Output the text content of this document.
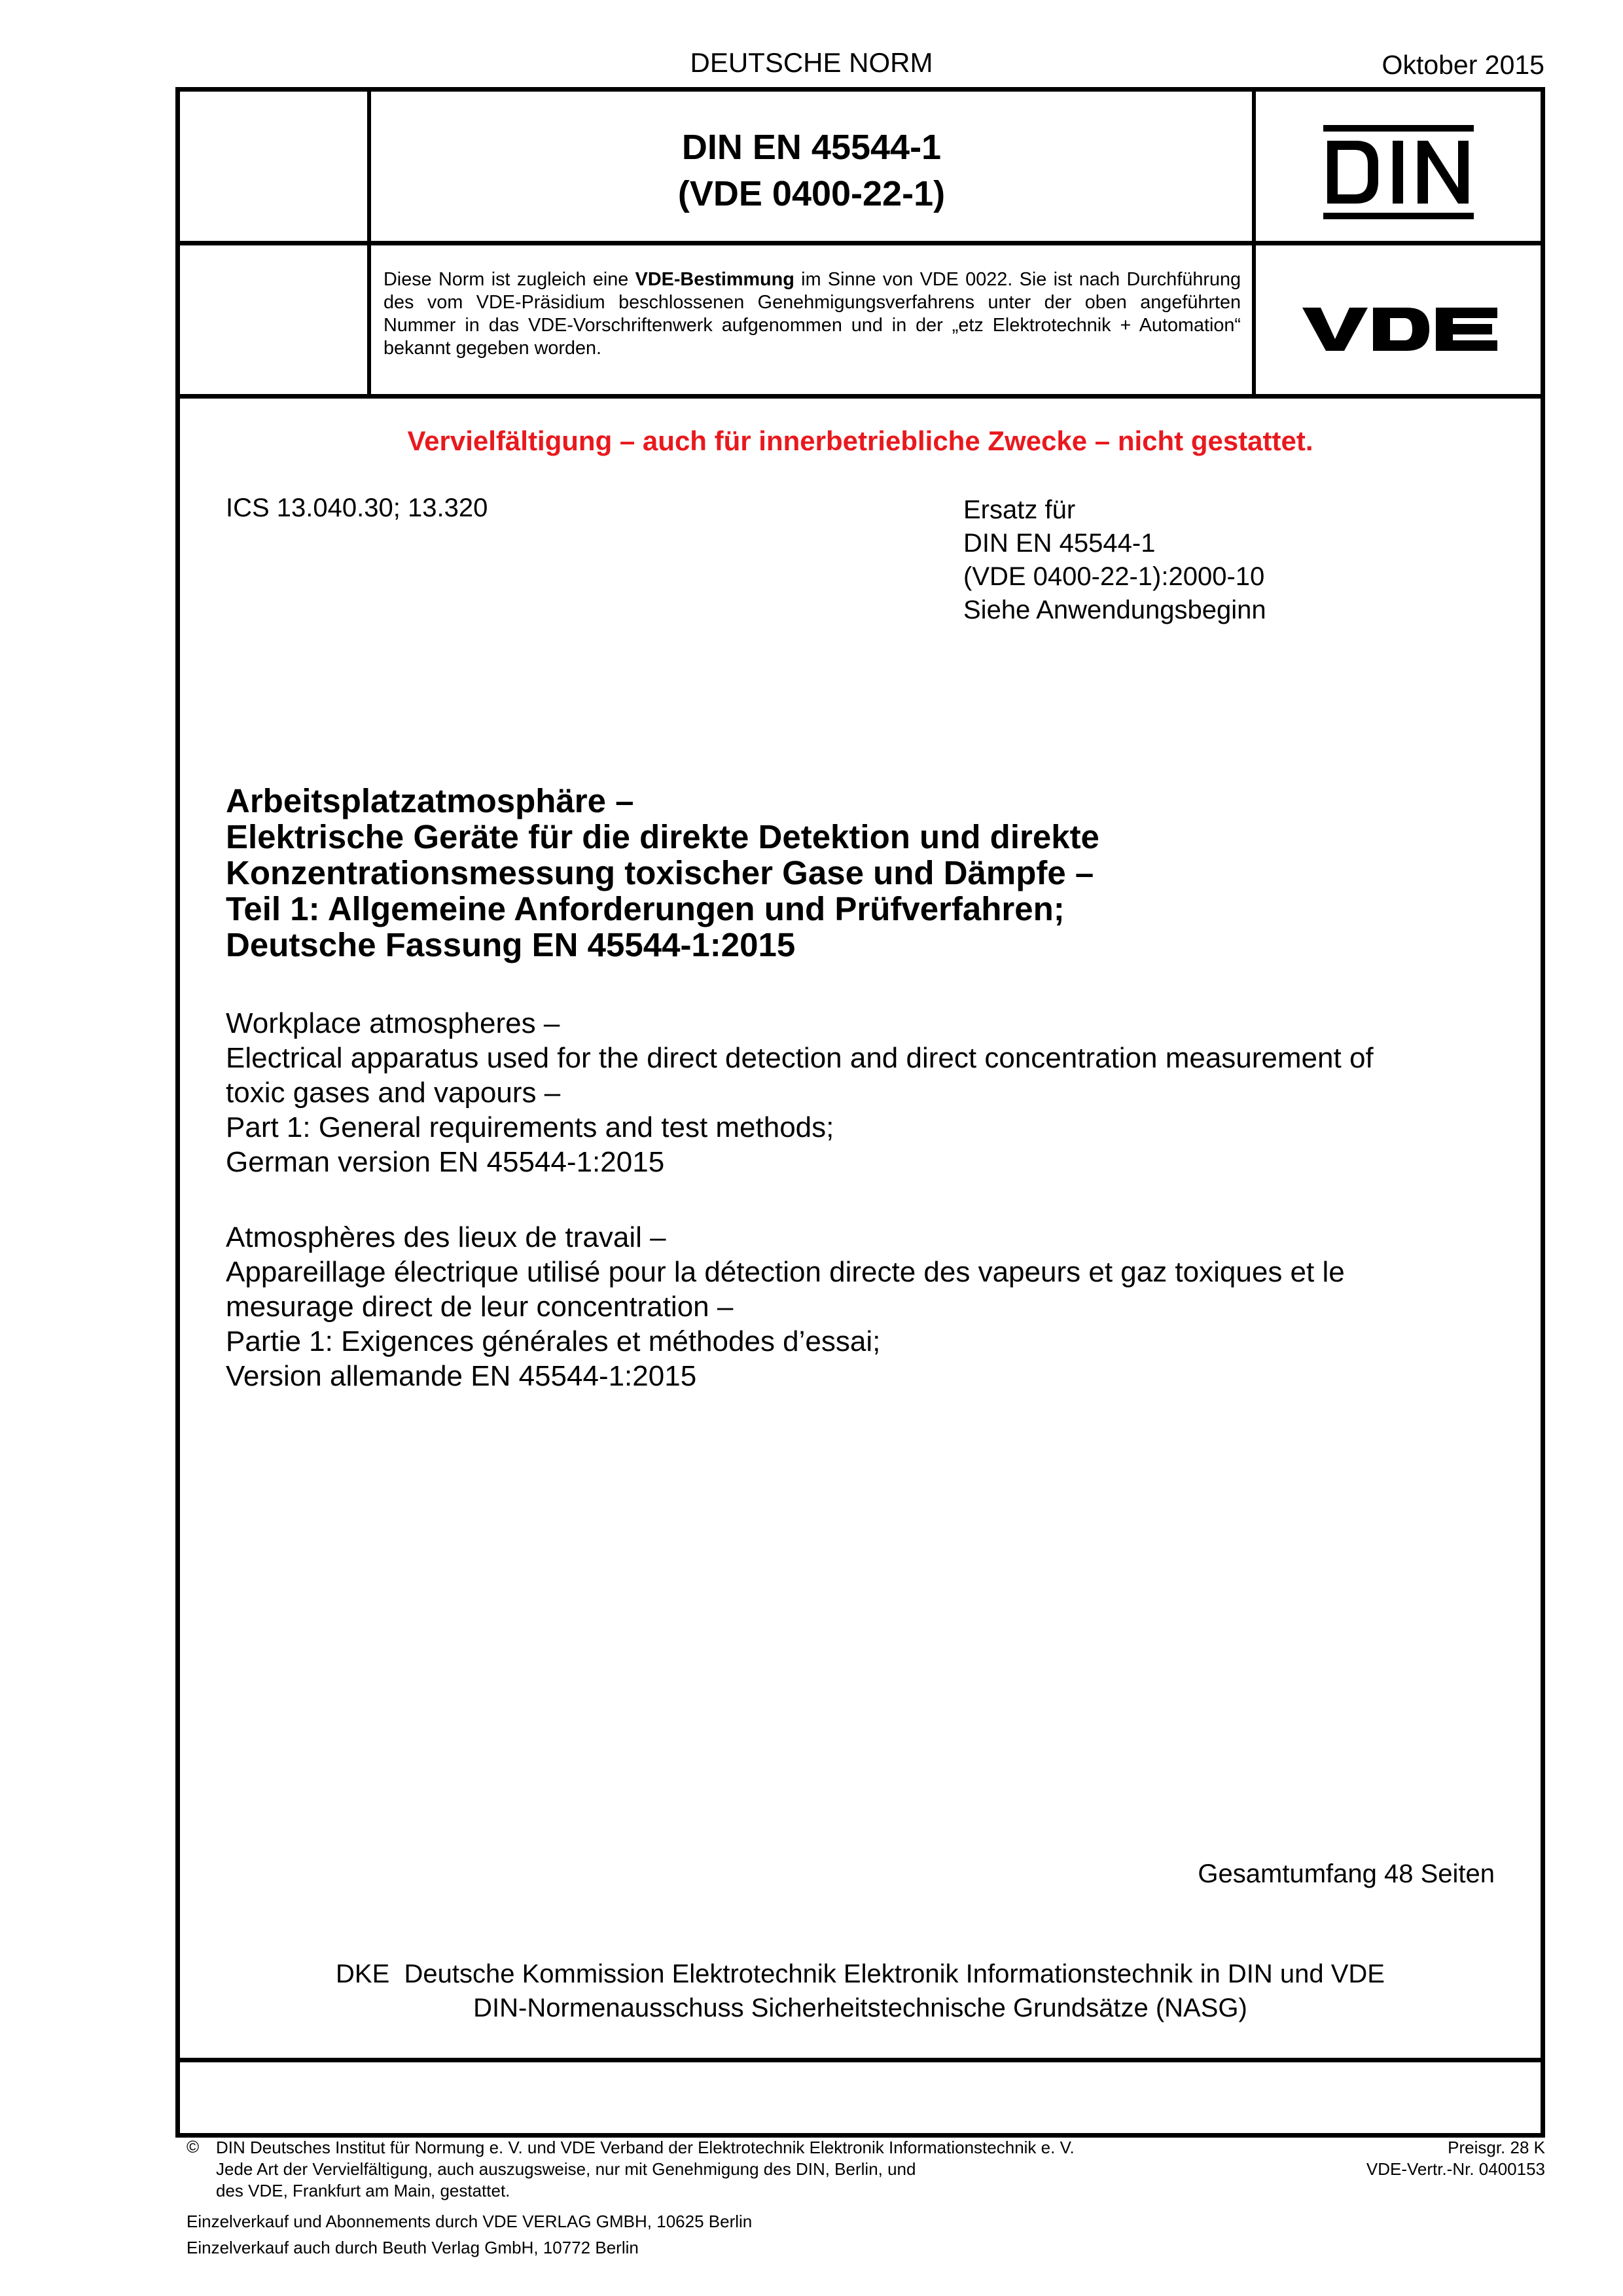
DEUTSCHE NORM	Oktober 2015
DIN EN 45544-1
(VDE 0400-22-1)
Diese Norm ist zugleich eine VDE-Bestimmung im Sinne von VDE 0022. Sie ist nach Durchführung des vom VDE-Präsidium beschlossenen Genehmigungsverfahrens unter der oben angeführten Nummer in das VDE-Vorschriftenwerk aufgenommen und in der „etz Elektrotechnik + Automation“ bekannt gegeben worden.
Vervielfältigung – auch für innerbetriebliche Zwecke – nicht gestattet.
ICS 13.040.30; 13.320	Ersatz für
DIN EN 45544-1
(VDE 0400-22-1):2000-10
Siehe Anwendungsbeginn
Arbeitsplatzatmosphäre –
Elektrische Geräte für die direkte Detektion und direkte
Konzentrationsmessung toxischer Gase und Dämpfe –
Teil 1: Allgemeine Anforderungen und Prüfverfahren;
Deutsche Fassung EN 45544-1:2015
Workplace atmospheres –
Electrical apparatus used for the direct detection and direct concentration measurement of
toxic gases and vapours –
Part 1: General requirements and test methods;
German version EN 45544-1:2015
Atmosphères des lieux de travail –
Appareillage électrique utilisé pour la détection directe des vapeurs et gaz toxiques et le
mesurage direct de leur concentration –
Partie 1: Exigences générales et méthodes d’essai;
Version allemande EN 45544-1:2015
Gesamtumfang 48 Seiten
DKE  Deutsche Kommission Elektrotechnik Elektronik Informationstechnik in DIN und VDE
DIN-Normenausschuss Sicherheitstechnische Grundsätze (NASG)
© DIN Deutsches Institut für Normung e. V. und VDE Verband der Elektrotechnik Elektronik Informationstechnik e. V.
Jede Art der Vervielfältigung, auch auszugsweise, nur mit Genehmigung des DIN, Berlin, und
des VDE, Frankfurt am Main, gestattet.
Preisgr. 28 K
VDE-Vertr.-Nr. 0400153
Einzelverkauf und Abonnements durch VDE VERLAG GMBH, 10625 Berlin
Einzelverkauf auch durch Beuth Verlag GmbH, 10772 Berlin
